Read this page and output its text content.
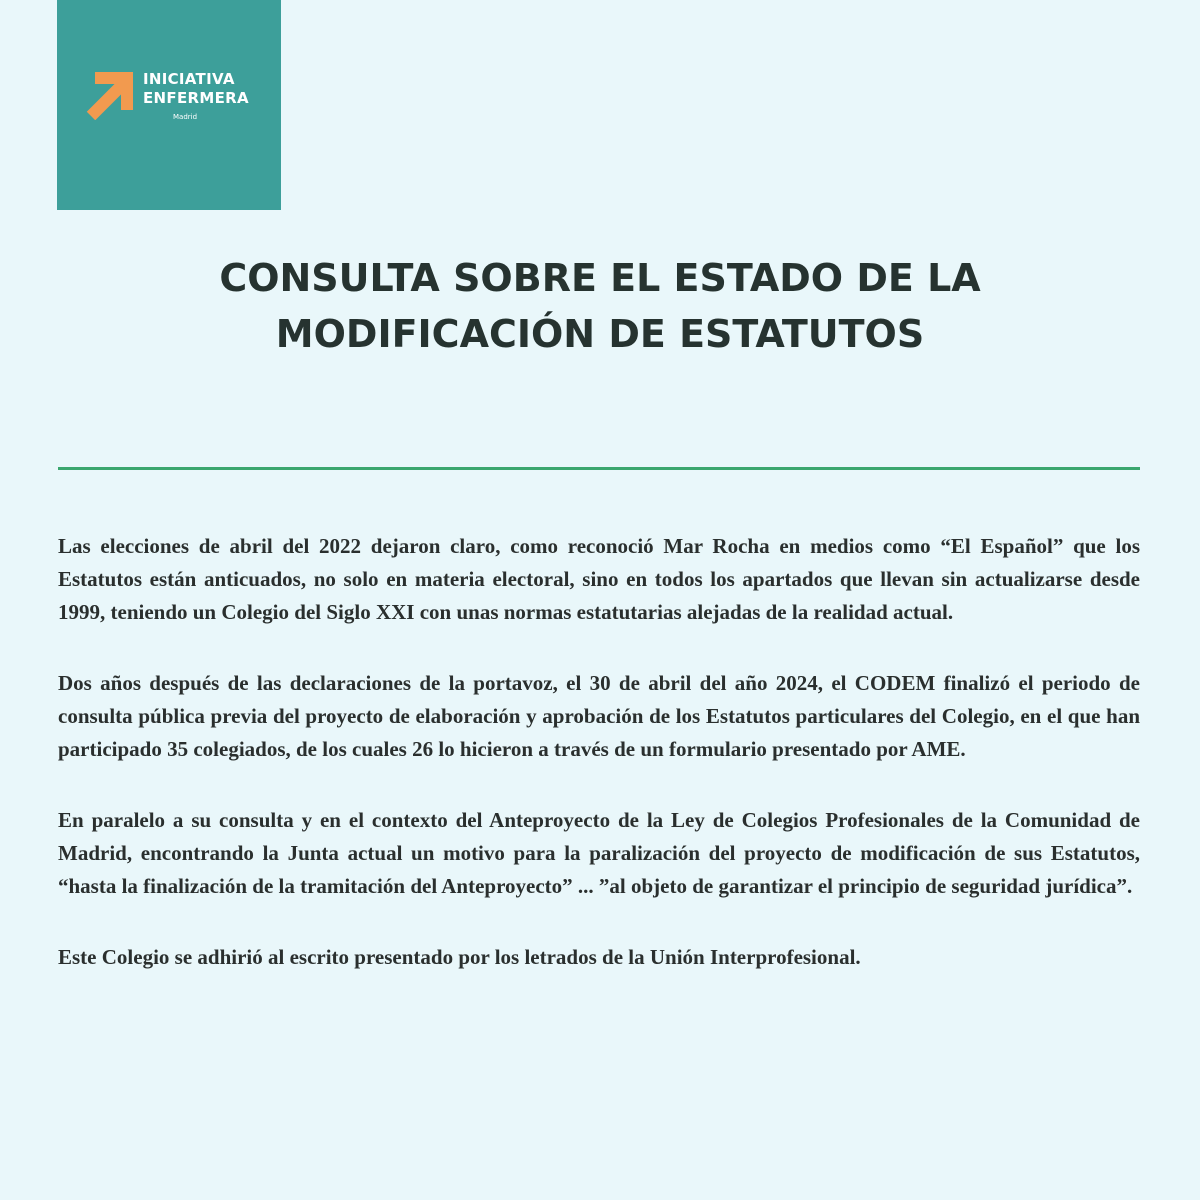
INICIATIVA
ENFERMERA
Madrid
CONSULTA SOBRE EL ESTADO DE LA
MODIFICACIÓN DE ESTATUTOS

Las elecciones de abril del 2022 dejaron claro, como reconoció Mar Rocha en medios como “El Español” que los Estatutos están anticuados, no solo en materia electoral, sino en todos los apartados que llevan sin actualizarse desde 1999, teniendo un Colegio del Siglo XXI con unas normas estatutarias alejadas de la realidad actual.

Dos años después de las declaraciones de la portavoz, el 30 de abril del año 2024, el CODEM finalizó el periodo de consulta pública previa del proyecto de elaboración y aprobación de los Estatutos particulares del Colegio, en el que han participado 35 colegiados, de los cuales 26 lo hicieron a través de un formulario presentado por AME.

En paralelo a su consulta y en el contexto del Anteproyecto de la Ley de Colegios Profesionales de la Comunidad de Madrid, encontrando la Junta actual un motivo para la paralización del proyecto de modificación de sus Estatutos, “hasta la finalización de la tramitación del Anteproyecto” ... ”al objeto de garantizar el principio de seguridad jurídica”.

Este Colegio se adhirió al escrito presentado por los letrados de la Unión Interprofesional.
